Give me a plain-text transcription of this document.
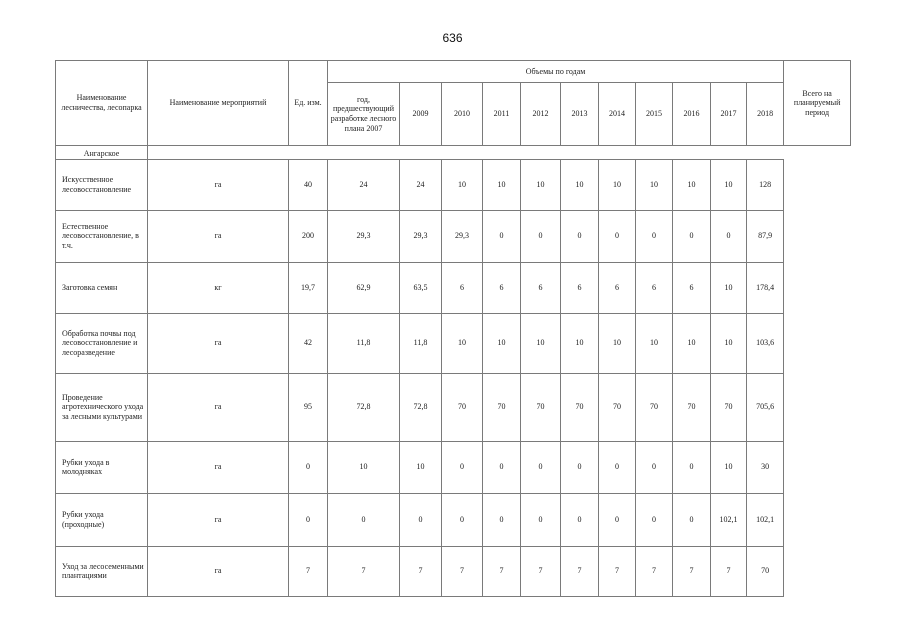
636
Наименование лесничества, лесопарка	Наименование мероприятий	Ед. изм.	Объемы по годам											Всего на планируемый период
			год, предшествующий разработке лесного плана 2007	2009	2010	2011	2012	2013	2014	2015	2016	2017	2018	
Ангарское														
Искусственное лесовосстановление	га	40	24	24	10	10	10	10	10	10	10	10	128	
Естественное лесовосстановление, в т.ч.	га	200	29,3	29,3	29,3	0	0	0	0	0	0	0	87,9	
Заготовка семян	кг	19,7	62,9	63,5	6	6	6	6	6	6	6	10	178,4	
Обработка почвы под лесовосстановление и лесоразведение	га	42	11,8	11,8	10	10	10	10	10	10	10	10	103,6	
Проведение агротехнического ухода за лесными культурами	га	95	72,8	72,8	70	70	70	70	70	70	70	70	705,6	
Рубки ухода в молодняках	га	0	10	10	0	0	0	0	0	0	0	10	30	
Рубки ухода (проходные)	га	0	0	0	0	0	0	0	0	0	0	102,1	102,1	
Уход за лесосеменными плантациями	га	7	7	7	7	7	7	7	7	7	7	7	70	
